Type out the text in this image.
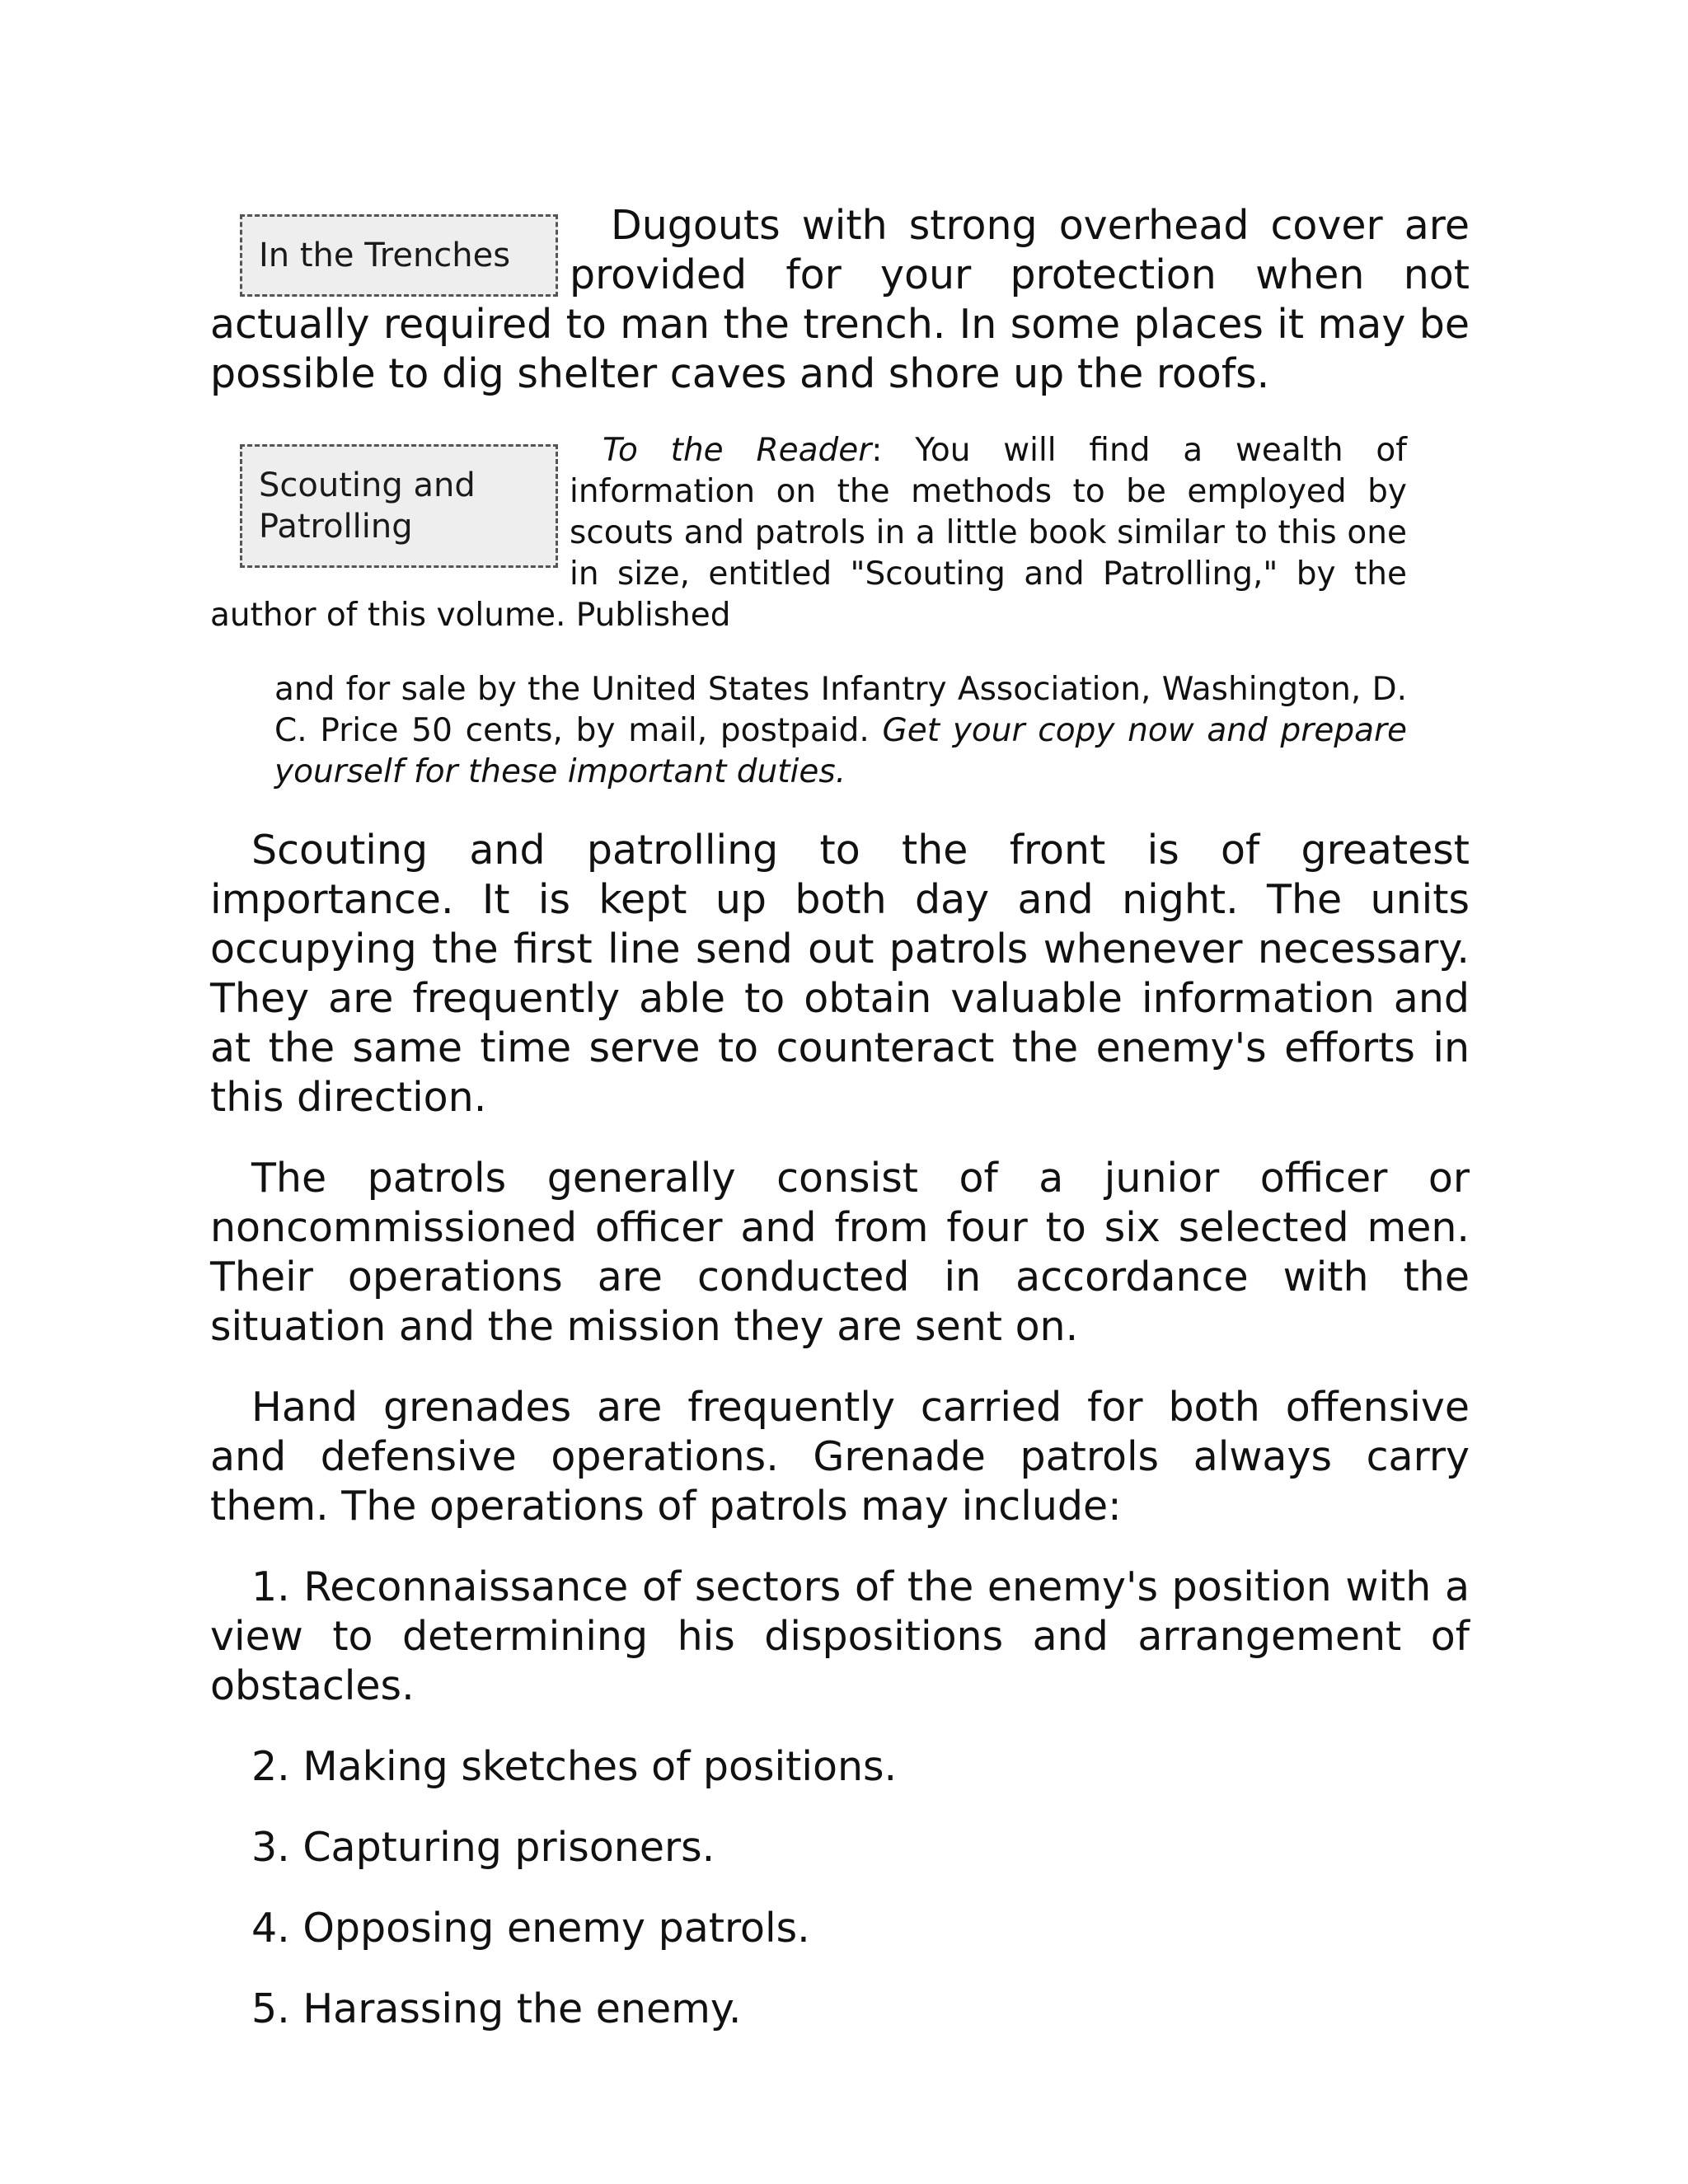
In the Trenches

Dugouts with strong overhead cover are provided for your protection when not actually required to man the trench. In some places it may be possible to dig shelter caves and shore up the roofs.

Scouting and
Patrolling

To the Reader: You will find a wealth of information on the methods to be employed by scouts and patrols in a little book similar to this one in size, entitled "Scouting and Patrolling," by the author of this volume. Published

and for sale by the United States Infantry Association, Washington, D. C. Price 50 cents, by mail, postpaid. Get your copy now and prepare yourself for these important duties.

Scouting and patrolling to the front is of greatest importance. It is kept up both day and night. The units occupying the first line send out patrols whenever necessary. They are frequently able to obtain valuable information and at the same time serve to counteract the enemy's efforts in this direction.

The patrols generally consist of a junior officer or noncommissioned officer and from four to six selected men. Their operations are conducted in accordance with the situation and the mission they are sent on.

Hand grenades are frequently carried for both offensive and defensive operations. Grenade patrols always carry them. The operations of patrols may include:

1. Reconnaissance of sectors of the enemy's position with a view to determining his dispositions and arrangement of obstacles.

2. Making sketches of positions.

3. Capturing prisoners.

4. Opposing enemy patrols.

5. Harassing the enemy.
